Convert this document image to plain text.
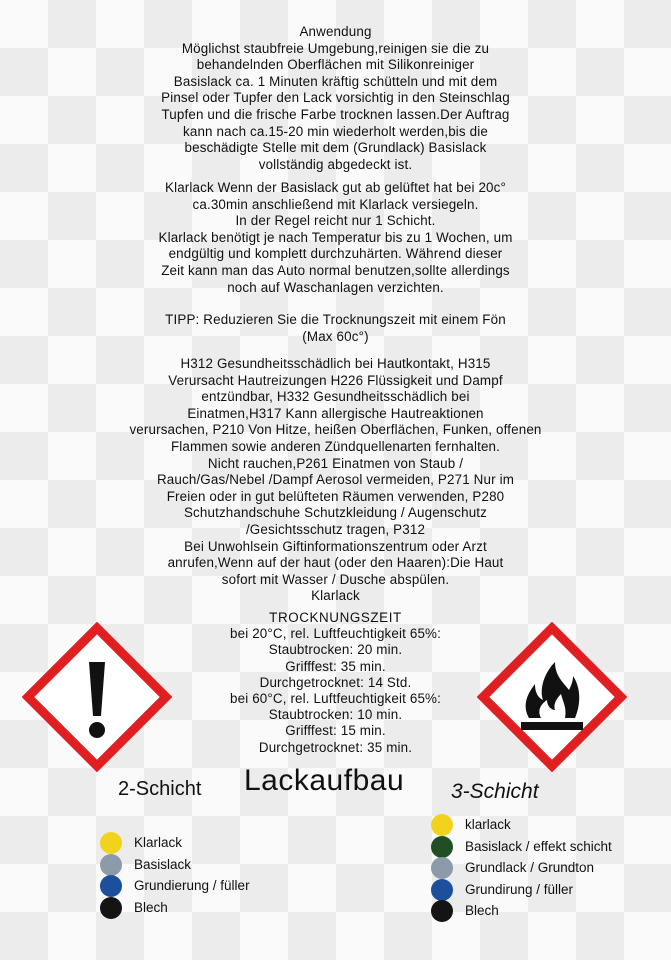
Anwendung
Möglichst staubfreie Umgebung,reinigen sie die zu
behandelnden Oberflächen mit Silikonreiniger
Basislack ca. 1 Minuten kräftig schütteln und mit dem
Pinsel oder Tupfer den Lack vorsichtig in den Steinschlag
Tupfen und die frische Farbe trocknen lassen.Der Auftrag
kann nach ca.15-20 min wiederholt werden,bis die
beschädigte Stelle mit dem (Grundlack) Basislack
vollständig abgedeckt ist.
Klarlack Wenn der Basislack gut ab gelüftet hat bei 20c°
ca.30min anschließend mit Klarlack versiegeln.
In der Regel reicht nur 1 Schicht.
Klarlack benötigt je nach Temperatur bis zu 1 Wochen, um
endgültig und komplett durchzuhärten. Während dieser
Zeit kann man das Auto normal benutzen,sollte allerdings
noch auf Waschanlagen verzichten.
TIPP: Reduzieren Sie die Trocknungszeit mit einem Fön
(Max 60c°)
H312 Gesundheitsschädlich bei Hautkontakt, H315
Verursacht Hautreizungen H226 Flüssigkeit und Dampf
entzündbar, H332 Gesundheitsschädlich bei
Einatmen,H317 Kann allergische Hautreaktionen
verursachen, P210 Von Hitze, heißen Oberflächen, Funken, offenen
Flammen sowie anderen Zündquellenarten fernhalten.
Nicht rauchen,P261 Einatmen von Staub /
Rauch/Gas/Nebel /Dampf Aerosol vermeiden, P271 Nur im
Freien oder in gut belüfteten Räumen verwenden, P280
Schutzhandschuhe Schutzkleidung / Augenschutz
/Gesichtsschutz tragen, P312
Bei Unwohlsein Giftinformationszentrum oder Arzt
anrufen,Wenn auf der haut (oder den Haaren):Die Haut
sofort mit Wasser / Dusche abspülen.
Klarlack
TROCKNUNGSZEIT
bei 20°C, rel. Luftfeuchtigkeit 65%:
Staubtrocken: 20 min.
Grifffest: 35 min.
Durchgetrocknet: 14 Std.
bei 60°C, rel. Luftfeuchtigkeit 65%:
Staubtrocken: 10 min.
Grifffest: 15 min.
Durchgetrocknet: 35 min.
Lackaufbau
2-Schicht	3-Schicht
Klarlack
Basislack
Grundierung / füller
Blech
klarlack
Basislack / effekt schicht
Grundlack / Grundton
Grundirung / füller
Blech
